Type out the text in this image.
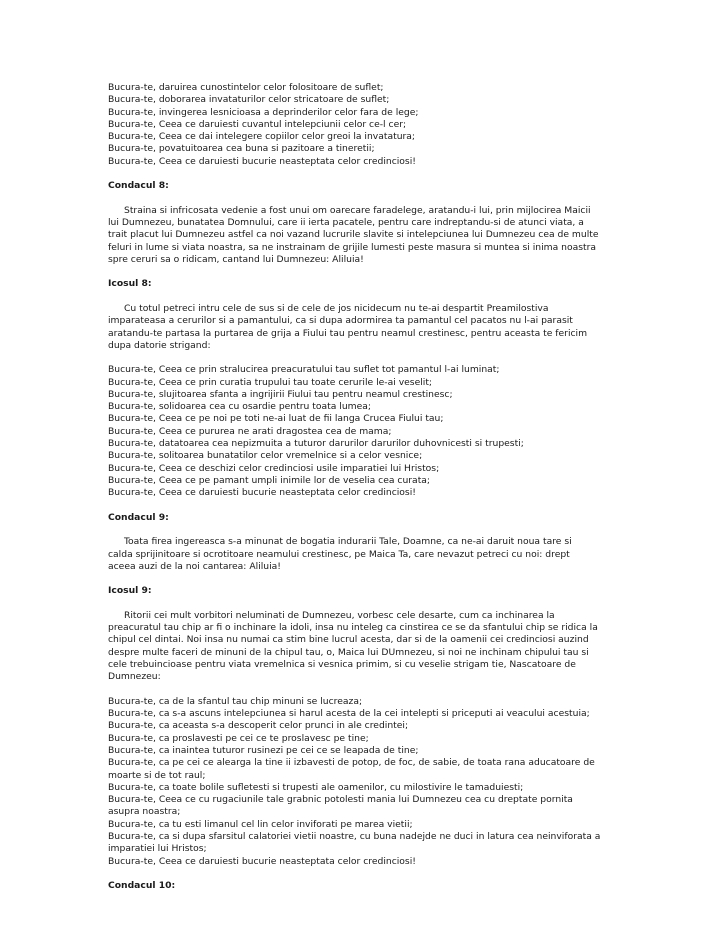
Bucura-te, daruirea cunostintelor celor folositoare de suflet;
Bucura-te, doborarea invataturilor celor stricatoare de suflet;
Bucura-te, invingerea lesnicioasa a deprinderilor celor fara de lege;
Bucura-te, Ceea ce daruiesti cuvantul intelepciunii celor ce-l cer;
Bucura-te, Ceea ce dai intelegere copiilor celor greoi la invatatura;
Bucura-te, povatuitoarea cea buna si pazitoare a tineretii;
Bucura-te, Ceea ce daruiesti bucurie neasteptata celor credinciosi!
Condacul 8:
Straina si infricosata vedenie a fost unui om oarecare faradelege, aratandu-i lui, prin mijlocirea Maicii
lui Dumnezeu, bunatatea Domnului, care ii ierta pacatele, pentru care indreptandu-si de atunci viata, a
trait placut lui Dumnezeu astfel ca noi vazand lucrurile slavite si intelepciunea lui Dumnezeu cea de multe
feluri in lume si viata noastra, sa ne instrainam de grijile lumesti peste masura si muntea si inima noastra
spre ceruri sa o ridicam, cantand lui Dumnezeu: Aliluia!
Icosul 8:
Cu totul petreci intru cele de sus si de cele de jos nicidecum nu te-ai despartit Preamilostiva
imparateasa a cerurilor si a pamantului, ca si dupa adormirea ta pamantul cel pacatos nu l-ai parasit
aratandu-te partasa la purtarea de grija a Fiului tau pentru neamul crestinesc, pentru aceasta te fericim
dupa datorie strigand:
Bucura-te, Ceea ce prin stralucirea preacuratului tau suflet tot pamantul l-ai luminat;
Bucura-te, Ceea ce prin curatia trupului tau toate cerurile le-ai veselit;
Bucura-te, slujitoarea sfanta a ingrijirii Fiului tau pentru neamul crestinesc;
Bucura-te, solidoarea cea cu osardie pentru toata lumea;
Bucura-te, Ceea ce pe noi pe toti ne-ai luat de fii langa Crucea Fiului tau;
Bucura-te, Ceea ce pururea ne arati dragostea cea de mama;
Bucura-te, datatoarea cea nepizmuita a tuturor darurilor darurilor duhovnicesti si trupesti;
Bucura-te, solitoarea bunatatilor celor vremelnice si a celor vesnice;
Bucura-te, Ceea ce deschizi celor credinciosi usile imparatiei lui Hristos;
Bucura-te, Ceea ce pe pamant umpli inimile lor de veselia cea curata;
Bucura-te, Ceea ce daruiesti bucurie neasteptata celor credinciosi!
Condacul 9:
Toata firea ingereasca s-a minunat de bogatia indurarii Tale, Doamne, ca ne-ai daruit noua tare si
calda sprijinitoare si ocrotitoare neamului crestinesc, pe Maica Ta, care nevazut petreci cu noi: drept
aceea auzi de la noi cantarea: Aliluia!
Icosul 9:
Ritorii cei mult vorbitori neluminati de Dumnezeu, vorbesc cele desarte, cum ca inchinarea la
preacuratul tau chip ar fi o inchinare la idoli, insa nu inteleg ca cinstirea ce se da sfantului chip se ridica la
chipul cel dintai. Noi insa nu numai ca stim bine lucrul acesta, dar si de la oamenii cei credinciosi auzind
despre multe faceri de minuni de la chipul tau, o, Maica lui DUmnezeu, si noi ne inchinam chipului tau si
cele trebuincioase pentru viata vremelnica si vesnica primim, si cu veselie strigam tie, Nascatoare de
Dumnezeu:
Bucura-te, ca de la sfantul tau chip minuni se lucreaza;
Bucura-te, ca s-a ascuns intelepciunea si harul acesta de la cei intelepti si priceputi ai veacului acestuia;
Bucura-te, ca aceasta s-a descoperit celor prunci in ale credintei;
Bucura-te, ca proslavesti pe cei ce te proslavesc pe tine;
Bucura-te, ca inaintea tuturor rusinezi pe cei ce se leapada de tine;
Bucura-te, ca pe cei ce alearga la tine ii izbavesti de potop, de foc, de sabie, de toata rana aducatoare de
moarte si de tot raul;
Bucura-te, ca toate bolile sufletesti si trupesti ale oamenilor, cu milostivire le tamaduiesti;
Bucura-te, Ceea ce cu rugaciunile tale grabnic potolesti mania lui Dumnezeu cea cu dreptate pornita
asupra noastra;
Bucura-te, ca tu esti limanul cel lin celor inviforati pe marea vietii;
Bucura-te, ca si dupa sfarsitul calatoriei vietii noastre, cu buna nadejde ne duci in latura cea neinviforata a
imparatiei lui Hristos;
Bucura-te, Ceea ce daruiesti bucurie neasteptata celor credinciosi!
Condacul 10:
